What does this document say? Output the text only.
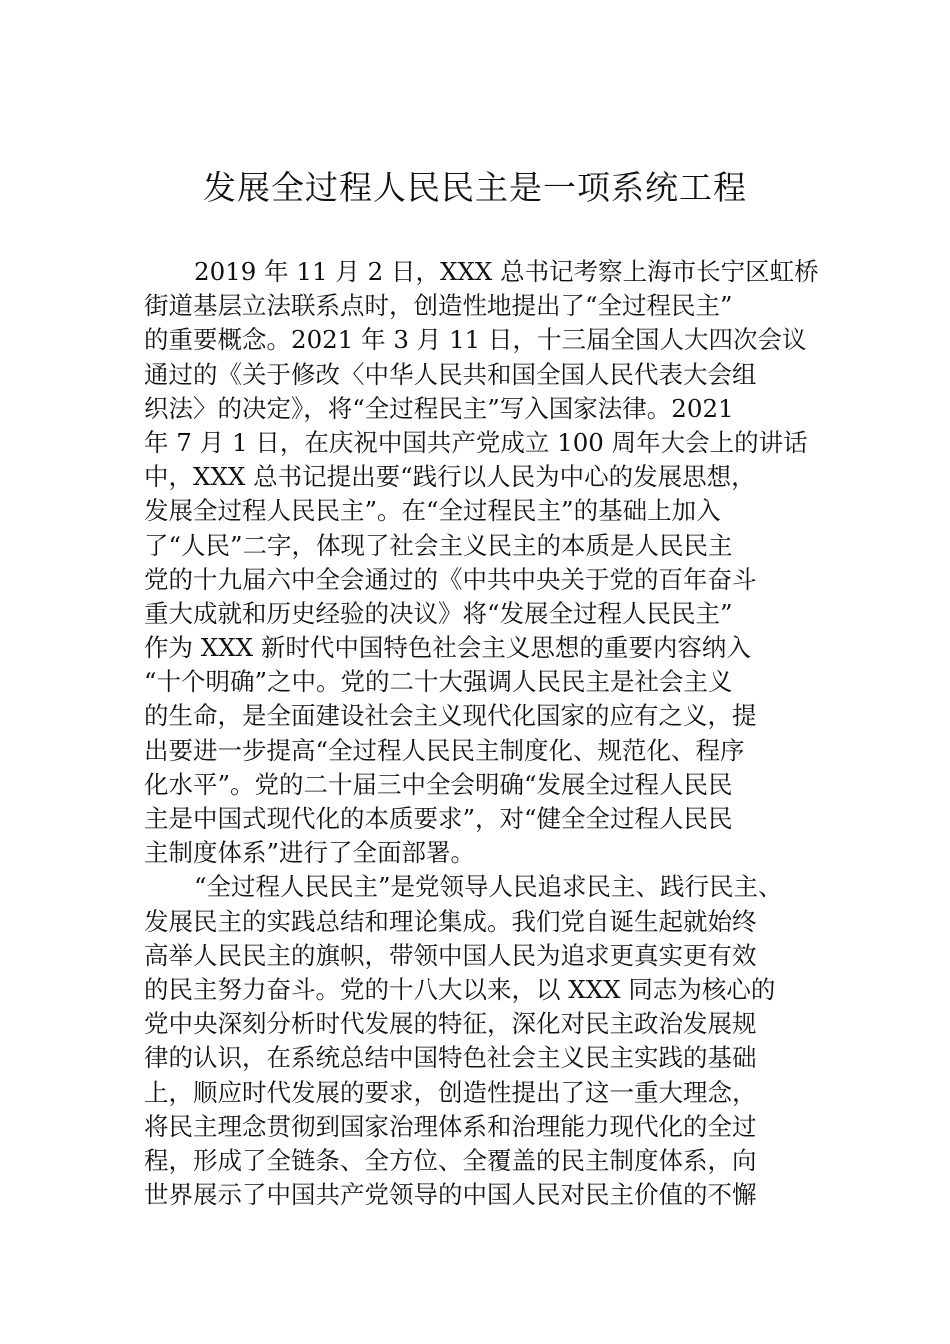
发展全过程人民民主是一项系统工程
2019 年 11 月 2 日，XXX 总书记考察上海市长宁区虹桥
街道基层立法联系点时，创造性地提出了“全过程民主”
的重要概念。2021 年 3 月 11 日，十三届全国人大四次会议
通过的《关于修改〈中华人民共和国全国人民代表大会组
织法〉的决定》，将“全过程民主”写入国家法律。2021
年 7 月 1 日，在庆祝中国共产党成立 100 周年大会上的讲话
中，XXX 总书记提出要“践行以人民为中心的发展思想，
发展全过程人民民主”。在“全过程民主”的基础上加入
了“人民”二字，体现了社会主义民主的本质是人民民主
党的十九届六中全会通过的《中共中央关于党的百年奋斗
重大成就和历史经验的决议》将“发展全过程人民民主”
作为 XXX 新时代中国特色社会主义思想的重要内容纳入
“十个明确”之中。党的二十大强调人民民主是社会主义
的生命，是全面建设社会主义现代化国家的应有之义，提
出要进一步提高“全过程人民民主制度化、规范化、程序
化水平”。党的二十届三中全会明确“发展全过程人民民
主是中国式现代化的本质要求”，对“健全全过程人民民
主制度体系”进行了全面部署。
“全过程人民民主”是党领导人民追求民主、践行民主、
发展民主的实践总结和理论集成。我们党自诞生起就始终
高举人民民主的旗帜，带领中国人民为追求更真实更有效
的民主努力奋斗。党的十八大以来，以 XXX 同志为核心的
党中央深刻分析时代发展的特征，深化对民主政治发展规
律的认识，在系统总结中国特色社会主义民主实践的基础
上，顺应时代发展的要求，创造性提出了这一重大理念，
将民主理念贯彻到国家治理体系和治理能力现代化的全过
程，形成了全链条、全方位、全覆盖的民主制度体系，向
世界展示了中国共产党领导的中国人民对民主价值的不懈
